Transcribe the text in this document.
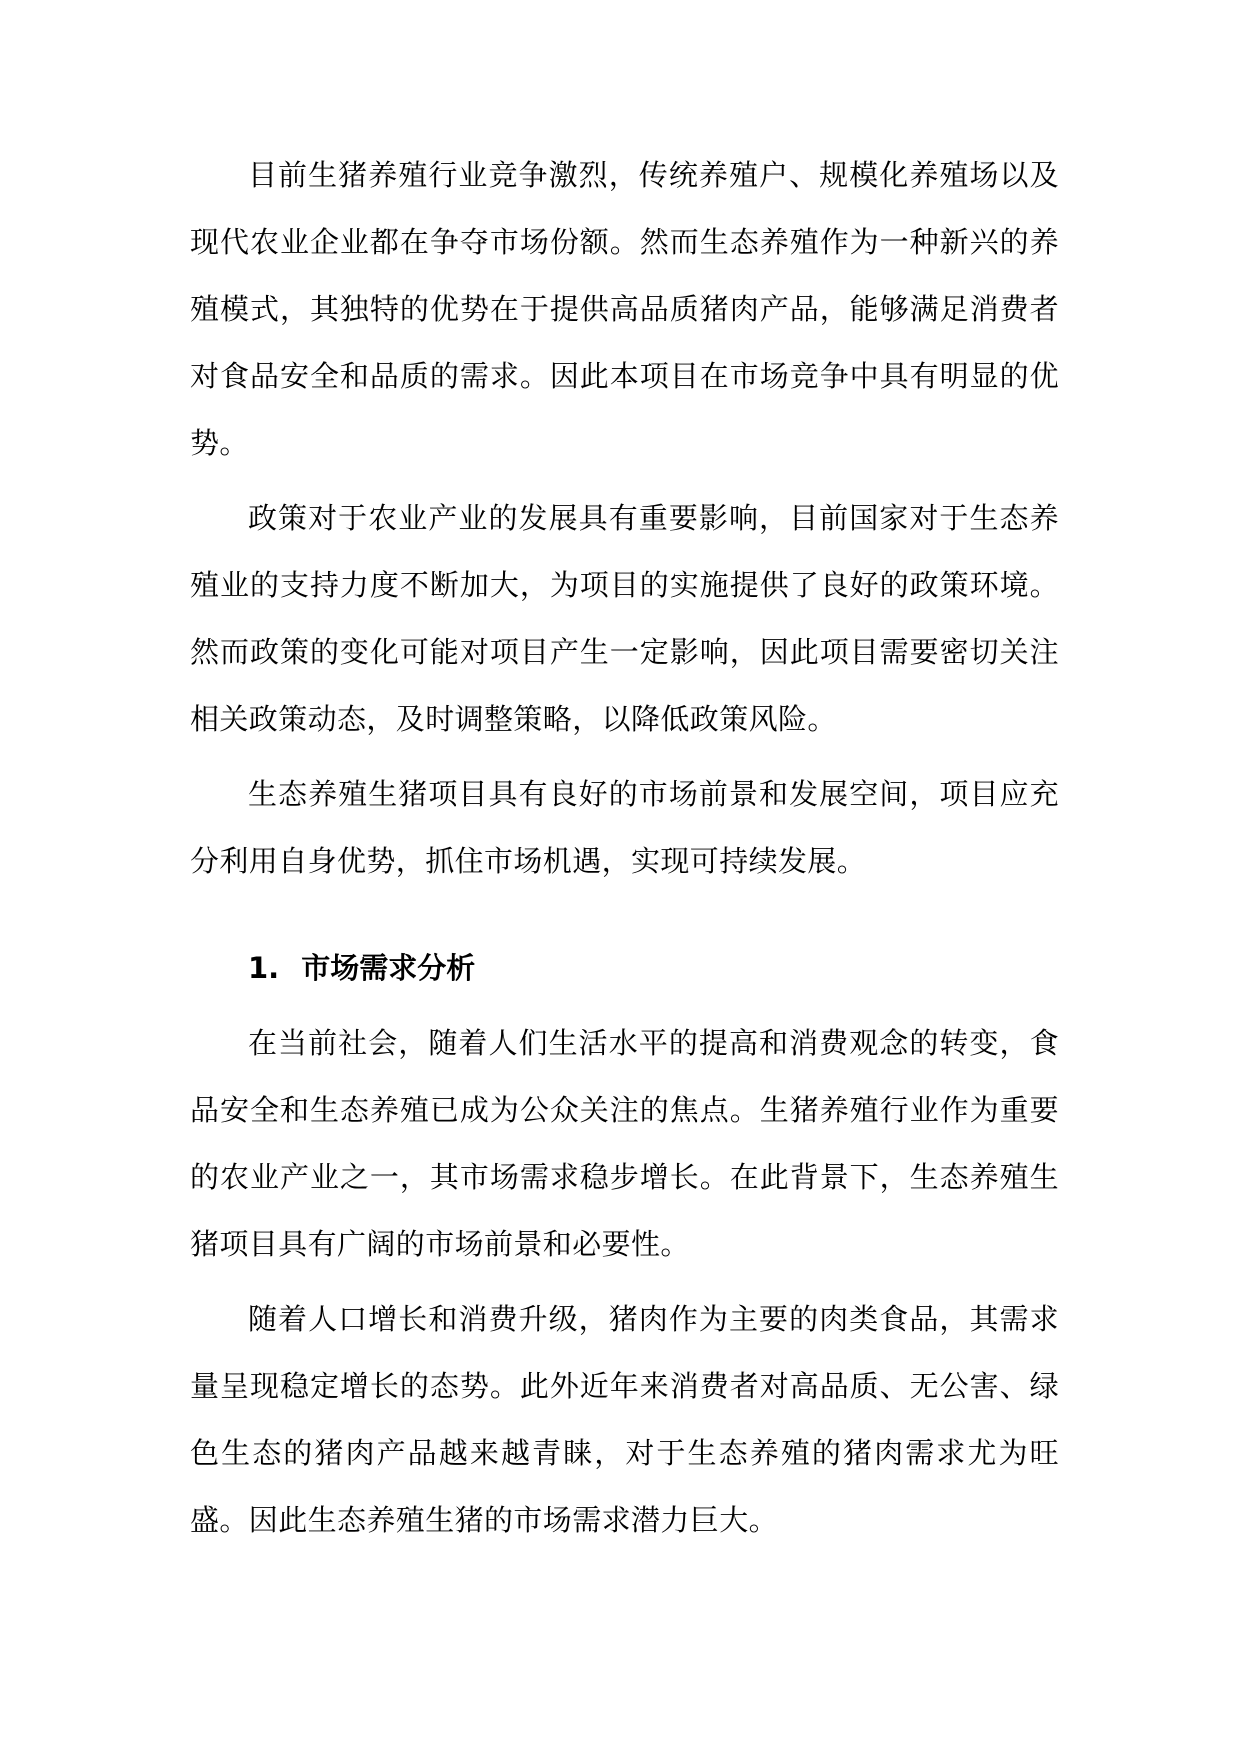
目前生猪养殖行业竞争激烈，传统养殖户、规模化养殖场以及现代农业企业都在争夺市场份额。然而生态养殖作为一种新兴的养殖模式，其独特的优势在于提供高品质猪肉产品，能够满足消费者对食品安全和品质的需求。因此本项目在市场竞争中具有明显的优势。

政策对于农业产业的发展具有重要影响，目前国家对于生态养殖业的支持力度不断加大，为项目的实施提供了良好的政策环境。然而政策的变化可能对项目产生一定影响，因此项目需要密切关注相关政策动态，及时调整策略，以降低政策风险。

生态养殖生猪项目具有良好的市场前景和发展空间，项目应充分利用自身优势，抓住市场机遇，实现可持续发展。

1. 市场需求分析

在当前社会，随着人们生活水平的提高和消费观念的转变，食品安全和生态养殖已成为公众关注的焦点。生猪养殖行业作为重要的农业产业之一，其市场需求稳步增长。在此背景下，生态养殖生猪项目具有广阔的市场前景和必要性。

随着人口增长和消费升级，猪肉作为主要的肉类食品，其需求量呈现稳定增长的态势。此外近年来消费者对高品质、无公害、绿色生态的猪肉产品越来越青睐，对于生态养殖的猪肉需求尤为旺盛。因此生态养殖生猪的市场需求潜力巨大。
